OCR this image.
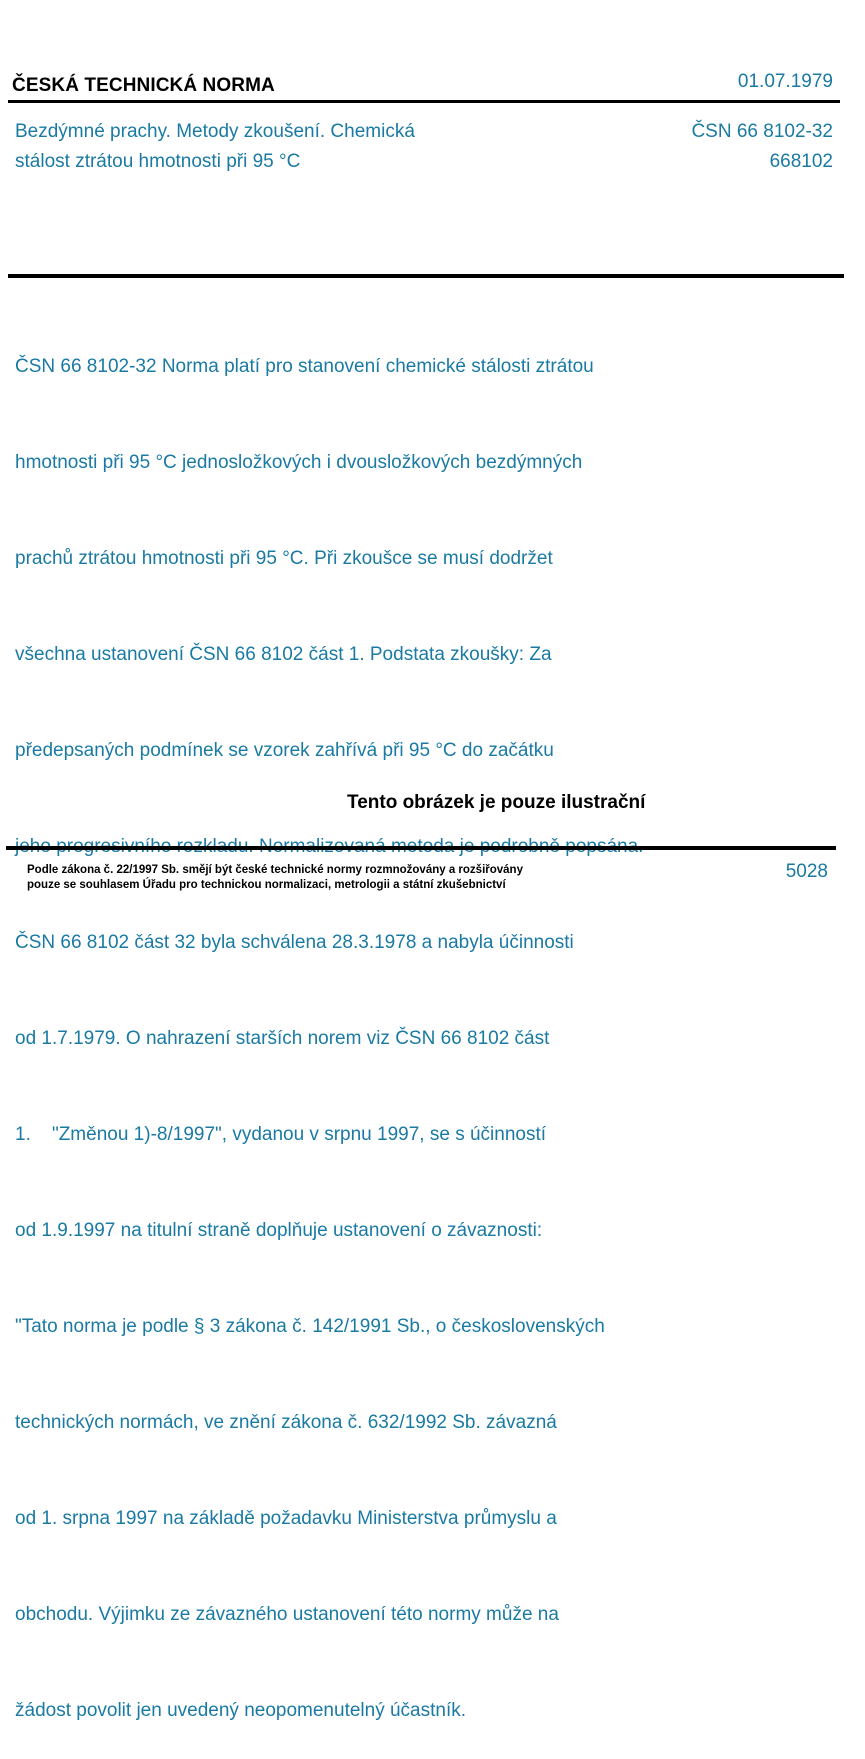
ČESKÁ TECHNICKÁ NORMA	01.07.1979
Bezdýmné prachy. Metody zkoušení. Chemická
stálost ztrátou hmotnosti při 95 °C
ČSN 66 8102-32
668102

ČSN 66 8102-32 Norma platí pro stanovení chemické stálosti ztrátou

hmotnosti při 95 °C jednosložkových i dvousložkových bezdýmných

prachů ztrátou hmotnosti při 95 °C. Při zkoušce se musí dodržet

všechna ustanovení ČSN 66 8102 část 1. Podstata zkoušky: Za

předepsaných podmínek se vzorek zahřívá při 95 °C do začátku

ČSN 66 8102 část 32 byla schválena 28.3.1978 a nabyla účinnosti

od 1.7.1979. O nahrazení starších norem viz ČSN 66 8102 část

1.    "Změnou 1)-8/1997", vydanou v srpnu 1997, se s účinností

od 1.9.1997 na titulní straně doplňuje ustanovení o závaznosti:

"Tato norma je podle § 3 zákona č. 142/1991 Sb., o československých

technických normách, ve znění zákona č. 632/1992 Sb. závazná

od 1. srpna 1997 na základě požadavku Ministerstva průmyslu a

obchodu. Výjimku ze závazného ustanovení této normy může na

žádost povolit jen uvedený neopomenutelný účastník.

Tento obrázek je pouze ilustrační
Podle zákona č. 22/1997 Sb. smějí být české technické normy rozmnožovány a rozšiřovány
pouze se souhlasem Úřadu pro technickou normalizaci, metrologii a státní zkušebnictví
5028
